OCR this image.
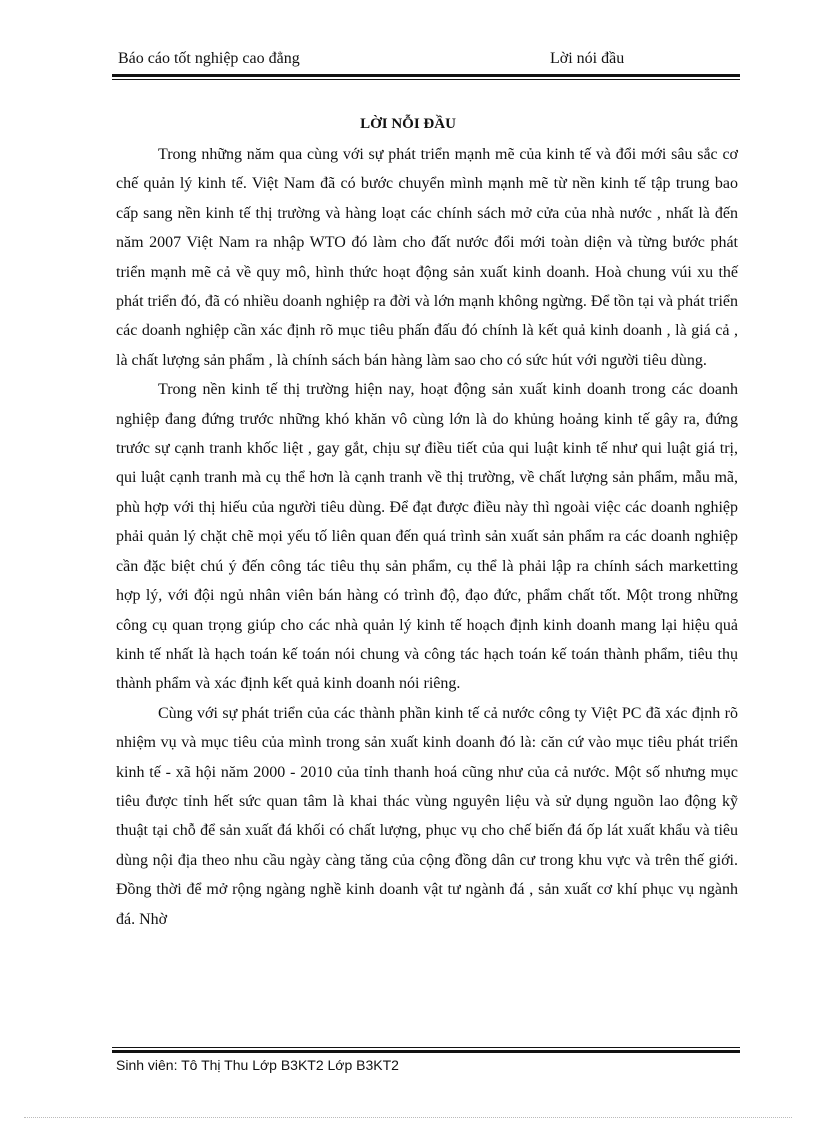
Báo cáo tốt nghiệp cao đẳng	Lời nói đầu
LỜI NỖI ĐẦU

Trong những năm qua cùng với sự phát triển mạnh mẽ của kinh tế và đổi mới sâu sắc cơ chế quản lý kinh tế. Việt Nam đã có bước chuyển mình mạnh mẽ từ nền kinh tế tập trung bao cấp sang nền kinh tế thị trường và hàng loạt các chính sách mở cửa của nhà nước , nhất là đến năm 2007 Việt Nam ra nhập WTO đó làm cho đất nước đổi mới toàn diện và từng bước phát triển mạnh mẽ cả về quy mô, hình thức hoạt động sản xuất kinh doanh. Hoà chung vúi xu thế phát triển đó, đã có nhiều doanh nghiệp ra đời và lớn mạnh không ngừng. Để tồn tại và phát triển các doanh nghiệp cần xác định rõ mục tiêu phấn đấu đó chính là kết quả kinh doanh , là giá cả , là chất lượng sản phẩm , là chính sách bán hàng làm sao cho có sức hút với người tiêu dùng.

Trong nền kinh tế thị trường hiện nay, hoạt động sản xuất kinh doanh trong các doanh nghiệp đang đứng trước những khó khăn vô cùng lớn là do khủng hoảng kinh tế gây ra, đứng trước sự cạnh tranh khốc liệt , gay gắt, chịu sự điều tiết của qui luật kinh tế như qui luật giá trị, qui luật cạnh tranh mà cụ thể hơn là cạnh tranh về thị trường, về chất lượng sản phẩm, mẫu mã, phù hợp với thị hiếu của người tiêu dùng. Để đạt được điều này thì ngoài việc các doanh nghiệp phải quản lý chặt chẽ mọi yếu tố liên quan đến quá trình sản xuất sản phẩm ra các doanh nghiệp cần đặc biệt chú ý đến công tác tiêu thụ sản phẩm, cụ thể là phải lập ra chính sách marketting hợp lý, với đội ngủ nhân viên bán hàng có trình độ, đạo đức, phẩm chất tốt. Một trong những công cụ quan trọng giúp cho các nhà quản lý kinh tế hoạch định kinh doanh mang lại hiệu quả kinh tế nhất là hạch toán kế toán nói chung và công tác hạch toán kế toán thành phẩm, tiêu thụ thành phẩm và xác định kết quả kinh doanh nói riêng.

Cùng với sự phát triển của các thành phần kinh tế cả nước công ty Việt PC đã xác định rõ nhiệm vụ và mục tiêu của mình trong sản xuất kinh doanh đó là: căn cứ vào mục tiêu phát triển kinh tế - xã hội năm 2000 - 2010 của tỉnh thanh hoá cũng như của cả nước. Một số nhưng mục tiêu được tỉnh hết sức quan tâm là khai thác vùng nguyên liệu và sử dụng nguồn lao động kỹ thuật tại chỗ để sản xuất đá khối có chất lượng, phục vụ cho chế biến đá ốp lát xuất khẩu và tiêu dùng nội địa theo nhu cầu ngày càng tăng của cộng đồng dân cư trong khu vực và trên thế giới. Đồng thời để mở rộng ngàng nghề kinh doanh vật tư ngành đá , sản xuất cơ khí phục vụ ngành đá. Nhờ

Sinh viên: Tô Thị Thu Lớp B3KT2 Lớp B3KT2
